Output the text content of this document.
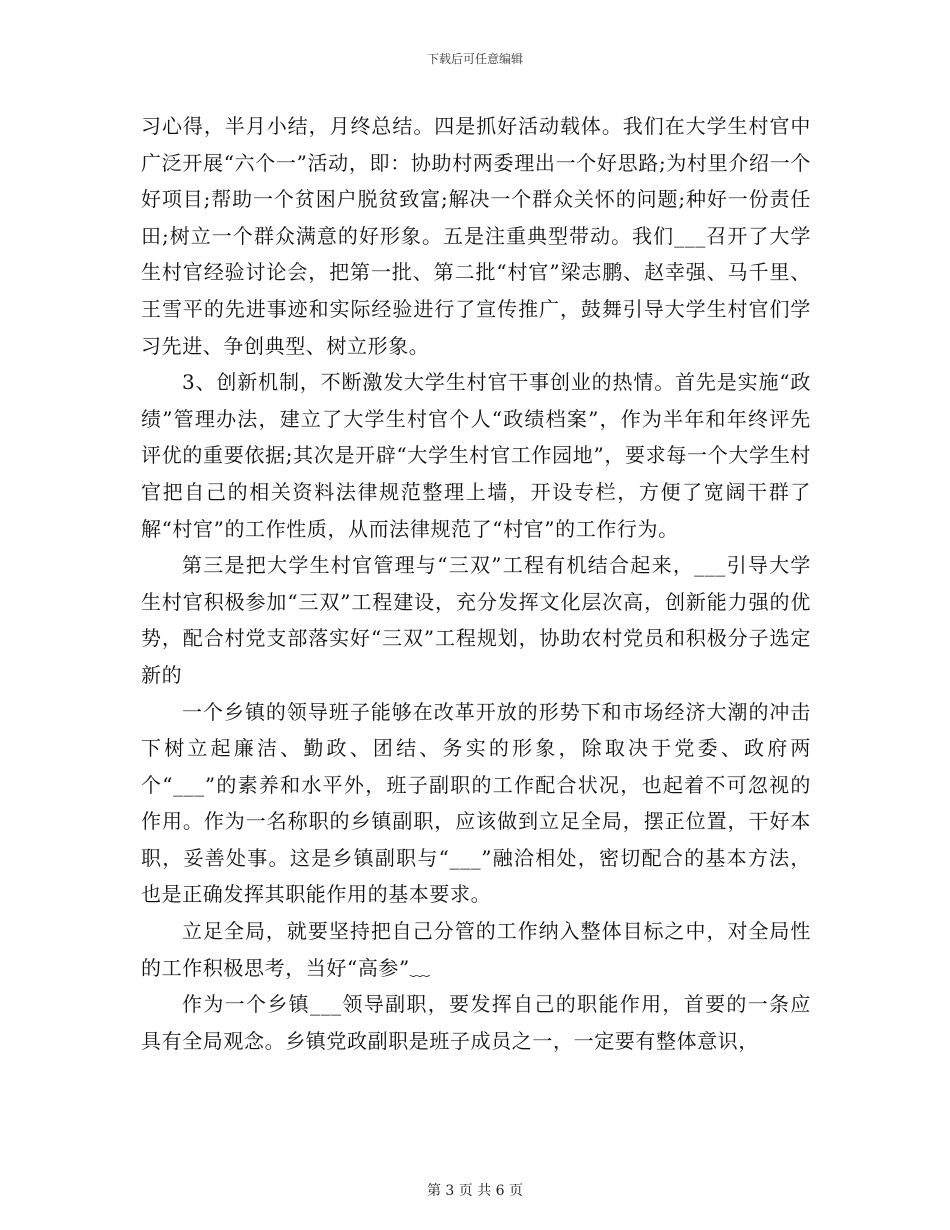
下载后可任意编辑

习心得，半月小结，月终总结。四是抓好活动载体。我们在大学生村官中广泛开展“六个一”活动，即：协助村两委理出一个好思路;为村里介绍一个好项目;帮助一个贫困户脱贫致富;解决一个群众关怀的问题;种好一份责任田;树立一个群众满意的好形象。五是注重典型带动。我们___召开了大学生村官经验讨论会，把第一批、第二批“村官”梁志鹏、赵幸强、马千里、王雪平的先进事迹和实际经验进行了宣传推广，鼓舞引导大学生村官们学习先进、争创典型、树立形象。

3、创新机制，不断激发大学生村官干事创业的热情。首先是实施“政绩”管理办法，建立了大学生村官个人“政绩档案”，作为半年和年终评先评优的重要依据;其次是开辟“大学生村官工作园地”，要求每一个大学生村官把自己的相关资料法律规范整理上墙，开设专栏，方便了宽阔干群了解“村官”的工作性质，从而法律规范了“村官”的工作行为。

第三是把大学生村官管理与“三双”工程有机结合起来，___引导大学生村官积极参加“三双”工程建设，充分发挥文化层次高，创新能力强的优势，配合村党支部落实好“三双”工程规划，协助农村党员和积极分子选定新的

一个乡镇的领导班子能够在改革开放的形势下和市场经济大潮的冲击下树立起廉洁、勤政、团结、务实的形象，除取决于党委、政府两个“___”的素养和水平外，班子副职的工作配合状况，也起着不可忽视的作用。作为一名称职的乡镇副职，应该做到立足全局，摆正位置，干好本职，妥善处事。这是乡镇副职与“___”融洽相处，密切配合的基本方法，也是正确发挥其职能作用的基本要求。

立足全局，就要坚持把自己分管的工作纳入整体目标之中，对全局性的工作积极思考，当好“高参”﹏

作为一个乡镇___领导副职，要发挥自己的职能作用，首要的一条应具有全局观念。乡镇党政副职是班子成员之一，一定要有整体意识，

第 3 页 共 6 页
